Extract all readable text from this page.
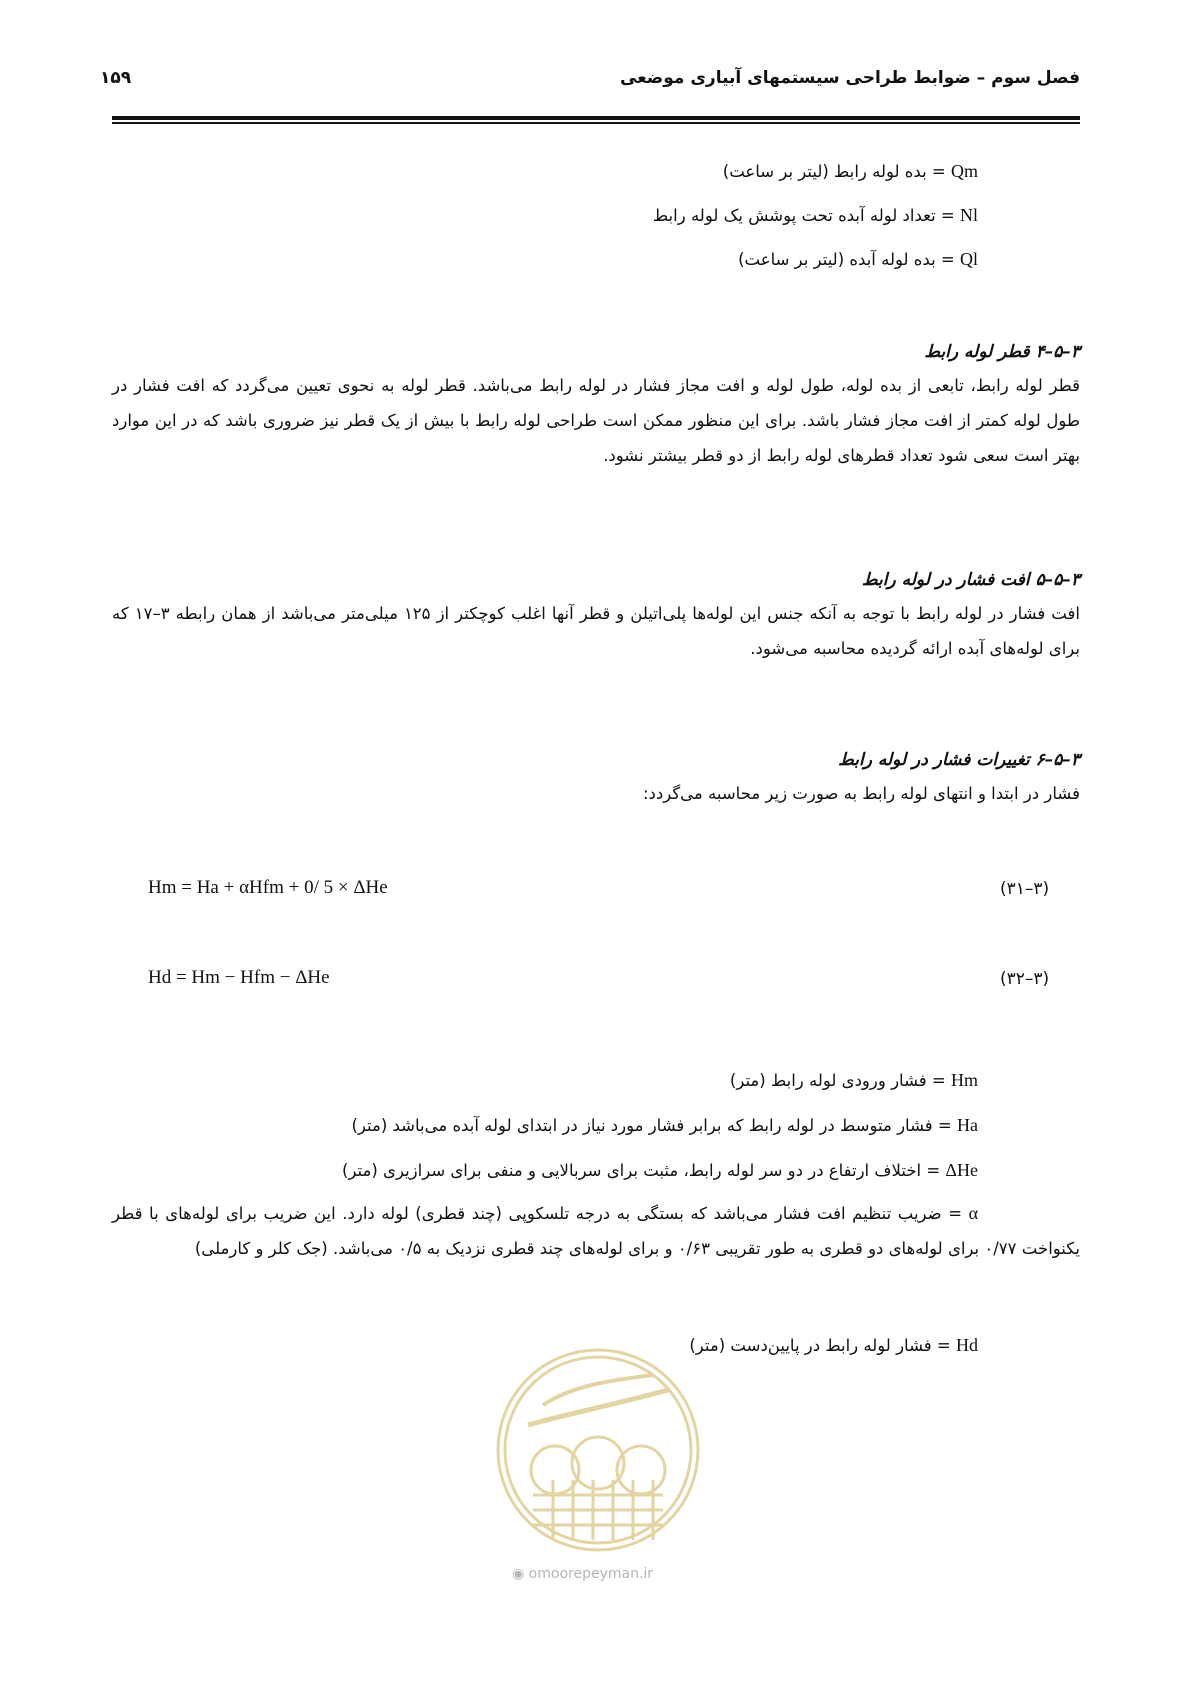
فصل سوم – ضوابط طراحی سیستمهای آبیاری موضعی
۱۵۹
Qm = بده لوله رابط (لیتر بر ساعت)
Nl = تعداد لوله آبده تحت پوشش یک لوله رابط
Ql = بده لوله آبده (لیتر بر ساعت)
۳–۵–۴ قطر لوله رابط
قطر لوله رابط، تابعی از بده لوله، طول لوله و افت مجاز فشار در لوله رابط می‌باشد. قطر لوله به نحوی تعیین می‌گردد که افت فشار در طول لوله کمتر از افت مجاز فشار باشد. برای این منظور ممکن است طراحی لوله رابط با بیش از یک قطر نیز ضروری باشد که در این موارد بهتر است سعی شود تعداد قطرهای لوله رابط از دو قطر بیشتر نشود.
۳–۵–۵ افت فشار در لوله رابط
افت فشار در لوله رابط با توجه به آنکه جنس این لوله‌ها پلی‌اتیلن و قطر آنها اغلب کوچکتر از ۱۲۵ میلی‌متر می‌باشد از همان رابطه ۳–۱۷ که برای لوله‌های آبده ارائه گردیده محاسبه می‌شود.
۳–۵–۶ تغییرات فشار در لوله رابط
فشار در ابتدا و انتهای لوله رابط به صورت زیر محاسبه می‌گردد:
Hm = Ha + αHfm + 0/ 5 × ΔHe	(۳۱–۳)
Hd = Hm − Hfm − ΔHe	(۳۲–۳)
Hm = فشار ورودی لوله رابط (متر)
Ha = فشار متوسط در لوله رابط که برابر فشار مورد نیاز در ابتدای لوله آبده می‌باشد (متر)
ΔHe = اختلاف ارتفاع در دو سر لوله رابط، مثبت برای سربالایی و منفی برای سرازیری (متر)
α = ضریب تنظیم افت فشار می‌باشد که بستگی به درجه تلسکوپی (چند قطری) لوله دارد. این ضریب برای لوله‌های با قطر یکنواخت ۰/۷۷ برای لوله‌های دو قطری به طور تقریبی ۰/۶۳ و برای لوله‌های چند قطری نزدیک به ۰/۵ می‌باشد. (جک کلر و کارملی)
Hd = فشار لوله رابط در پایین‌دست (متر)
◉ omoorepeyman.ir
